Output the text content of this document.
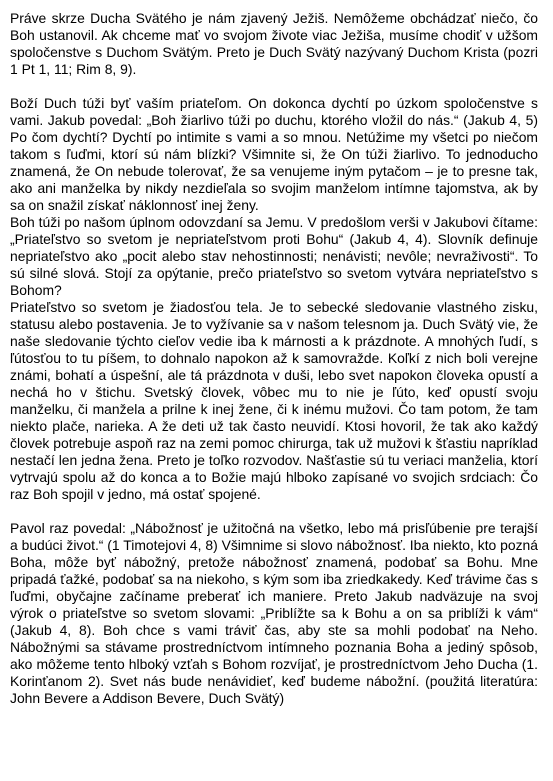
Práve skrze Ducha Svätého je nám zjavený Ježiš. Nemôžeme obchádzať niečo, čo Boh ustanovil. Ak chceme mať vo svojom živote viac Ježiša, musíme chodiť v užšom spoločenstve s Duchom Svätým. Preto je Duch Svätý nazývaný Duchom Krista (pozri 1 Pt 1, 11; Rim 8, 9).

Boží Duch túži byť vaším priateľom. On dokonca dychtí po úzkom spoločenstve s vami. Jakub povedal: „Boh žiarlivo túži po duchu, ktorého vložil do nás.“ (Jakub 4, 5) Po čom dychtí? Dychtí po intimite s vami a so mnou. Netúžime my všetci po niečom takom s ľuďmi, ktorí sú nám blízki? Všimnite si, že On túži žiarlivo. To jednoducho znamená, že On nebude tolerovať, že sa venujeme iným pytačom – je to presne tak, ako ani manželka by nikdy nezdieľala so svojim manželom intímne tajomstva, ak by sa on snažil získať náklonnosť inej ženy.

Boh túži po našom úplnom odovzdaní sa Jemu. V predošlom verši v Jakubovi čítame: „Priateľstvo so svetom je nepriateľstvom proti Bohu“ (Jakub 4, 4). Slovník definuje nepriateľstvo ako „pocit alebo stav nehostinnosti; nenávisti; nevôle; nevraživosti“. To sú silné slová. Stojí za opýtanie, prečo priateľstvo so svetom vytvára nepriateľstvo s Bohom?

Priateľstvo so svetom je žiadosťou tela. Je to sebecké sledovanie vlastného zisku, statusu alebo postavenia. Je to vyžívanie sa v našom telesnom ja. Duch Svätý vie, že naše sledovanie týchto cieľov vedie iba k márnosti a k prázdnote. A mnohých ľudí, s ľútosťou to tu píšem, to dohnalo napokon až k samovražde. Koľkí z nich boli verejne známi, bohatí a úspešní, ale tá prázdnota v duši, lebo svet napokon človeka opustí a nechá ho v štichu. Svetský človek, vôbec mu to nie je ľúto, keď opustí svoju manželku, či manžela a prilne k inej žene, či k inému mužovi. Čo tam potom, že tam niekto plače, narieka. A že deti už tak často neuvidí. Ktosi hovoril, že tak ako každý človek potrebuje aspoň raz na zemi pomoc chirurga, tak už mužovi k šťastiu napríklad nestačí len jedna žena. Preto je toľko rozvodov. Našťastie sú tu veriaci manželia, ktorí vytrvajú spolu až do konca a to Božie majú hlboko zapísané vo svojich srdciach: Čo raz Boh spojil v jedno, má ostať spojené.

Pavol raz povedal: „Nábožnosť je užitočná na všetko, lebo má prisľúbenie pre terajší a budúci život.“ (1 Timotejovi 4, 8) Všimnime si slovo nábožnosť. Iba niekto, kto pozná Boha, môže byť nábožný, pretože nábožnosť znamená, podobať sa Bohu. Mne pripadá ťažké, podobať sa na niekoho, s kým som iba zriedkakedy. Keď trávime čas s ľuďmi, obyčajne začíname preberať ich maniere. Preto Jakub nadväzuje na svoj výrok o priateľstve so svetom slovami: „Priblížte sa k Bohu a on sa priblíži k vám“ (Jakub 4, 8). Boh chce s vami tráviť čas, aby ste sa mohli podobať na Neho. Nábožnými sa stávame prostredníctvom intímneho poznania Boha a jediný spôsob, ako môžeme tento hlboký vzťah s Bohom rozvíjať, je prostredníctvom Jeho Ducha (1. Korinťanom 2). Svet nás bude nenávidieť, keď budeme nábožní. (použitá literatúra: John Bevere a Addison Bevere, Duch Svätý)
